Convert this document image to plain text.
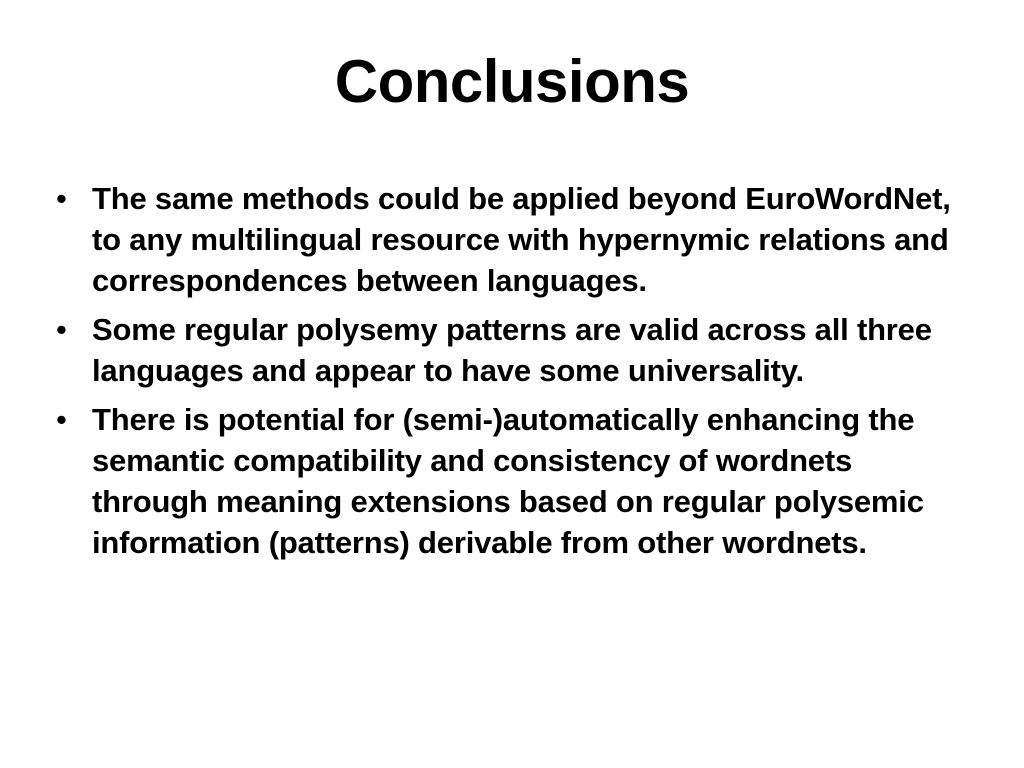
Conclusions
• The same methods could be applied beyond EuroWordNet, to any multilingual resource with hypernymic relations and correspondences between languages.
• Some regular polysemy patterns are valid across all three languages and appear to have some universality.
• There is potential for (semi-)automatically enhancing the semantic compatibility and consistency of wordnets through meaning extensions based on regular polysemic information (patterns) derivable from other wordnets.
